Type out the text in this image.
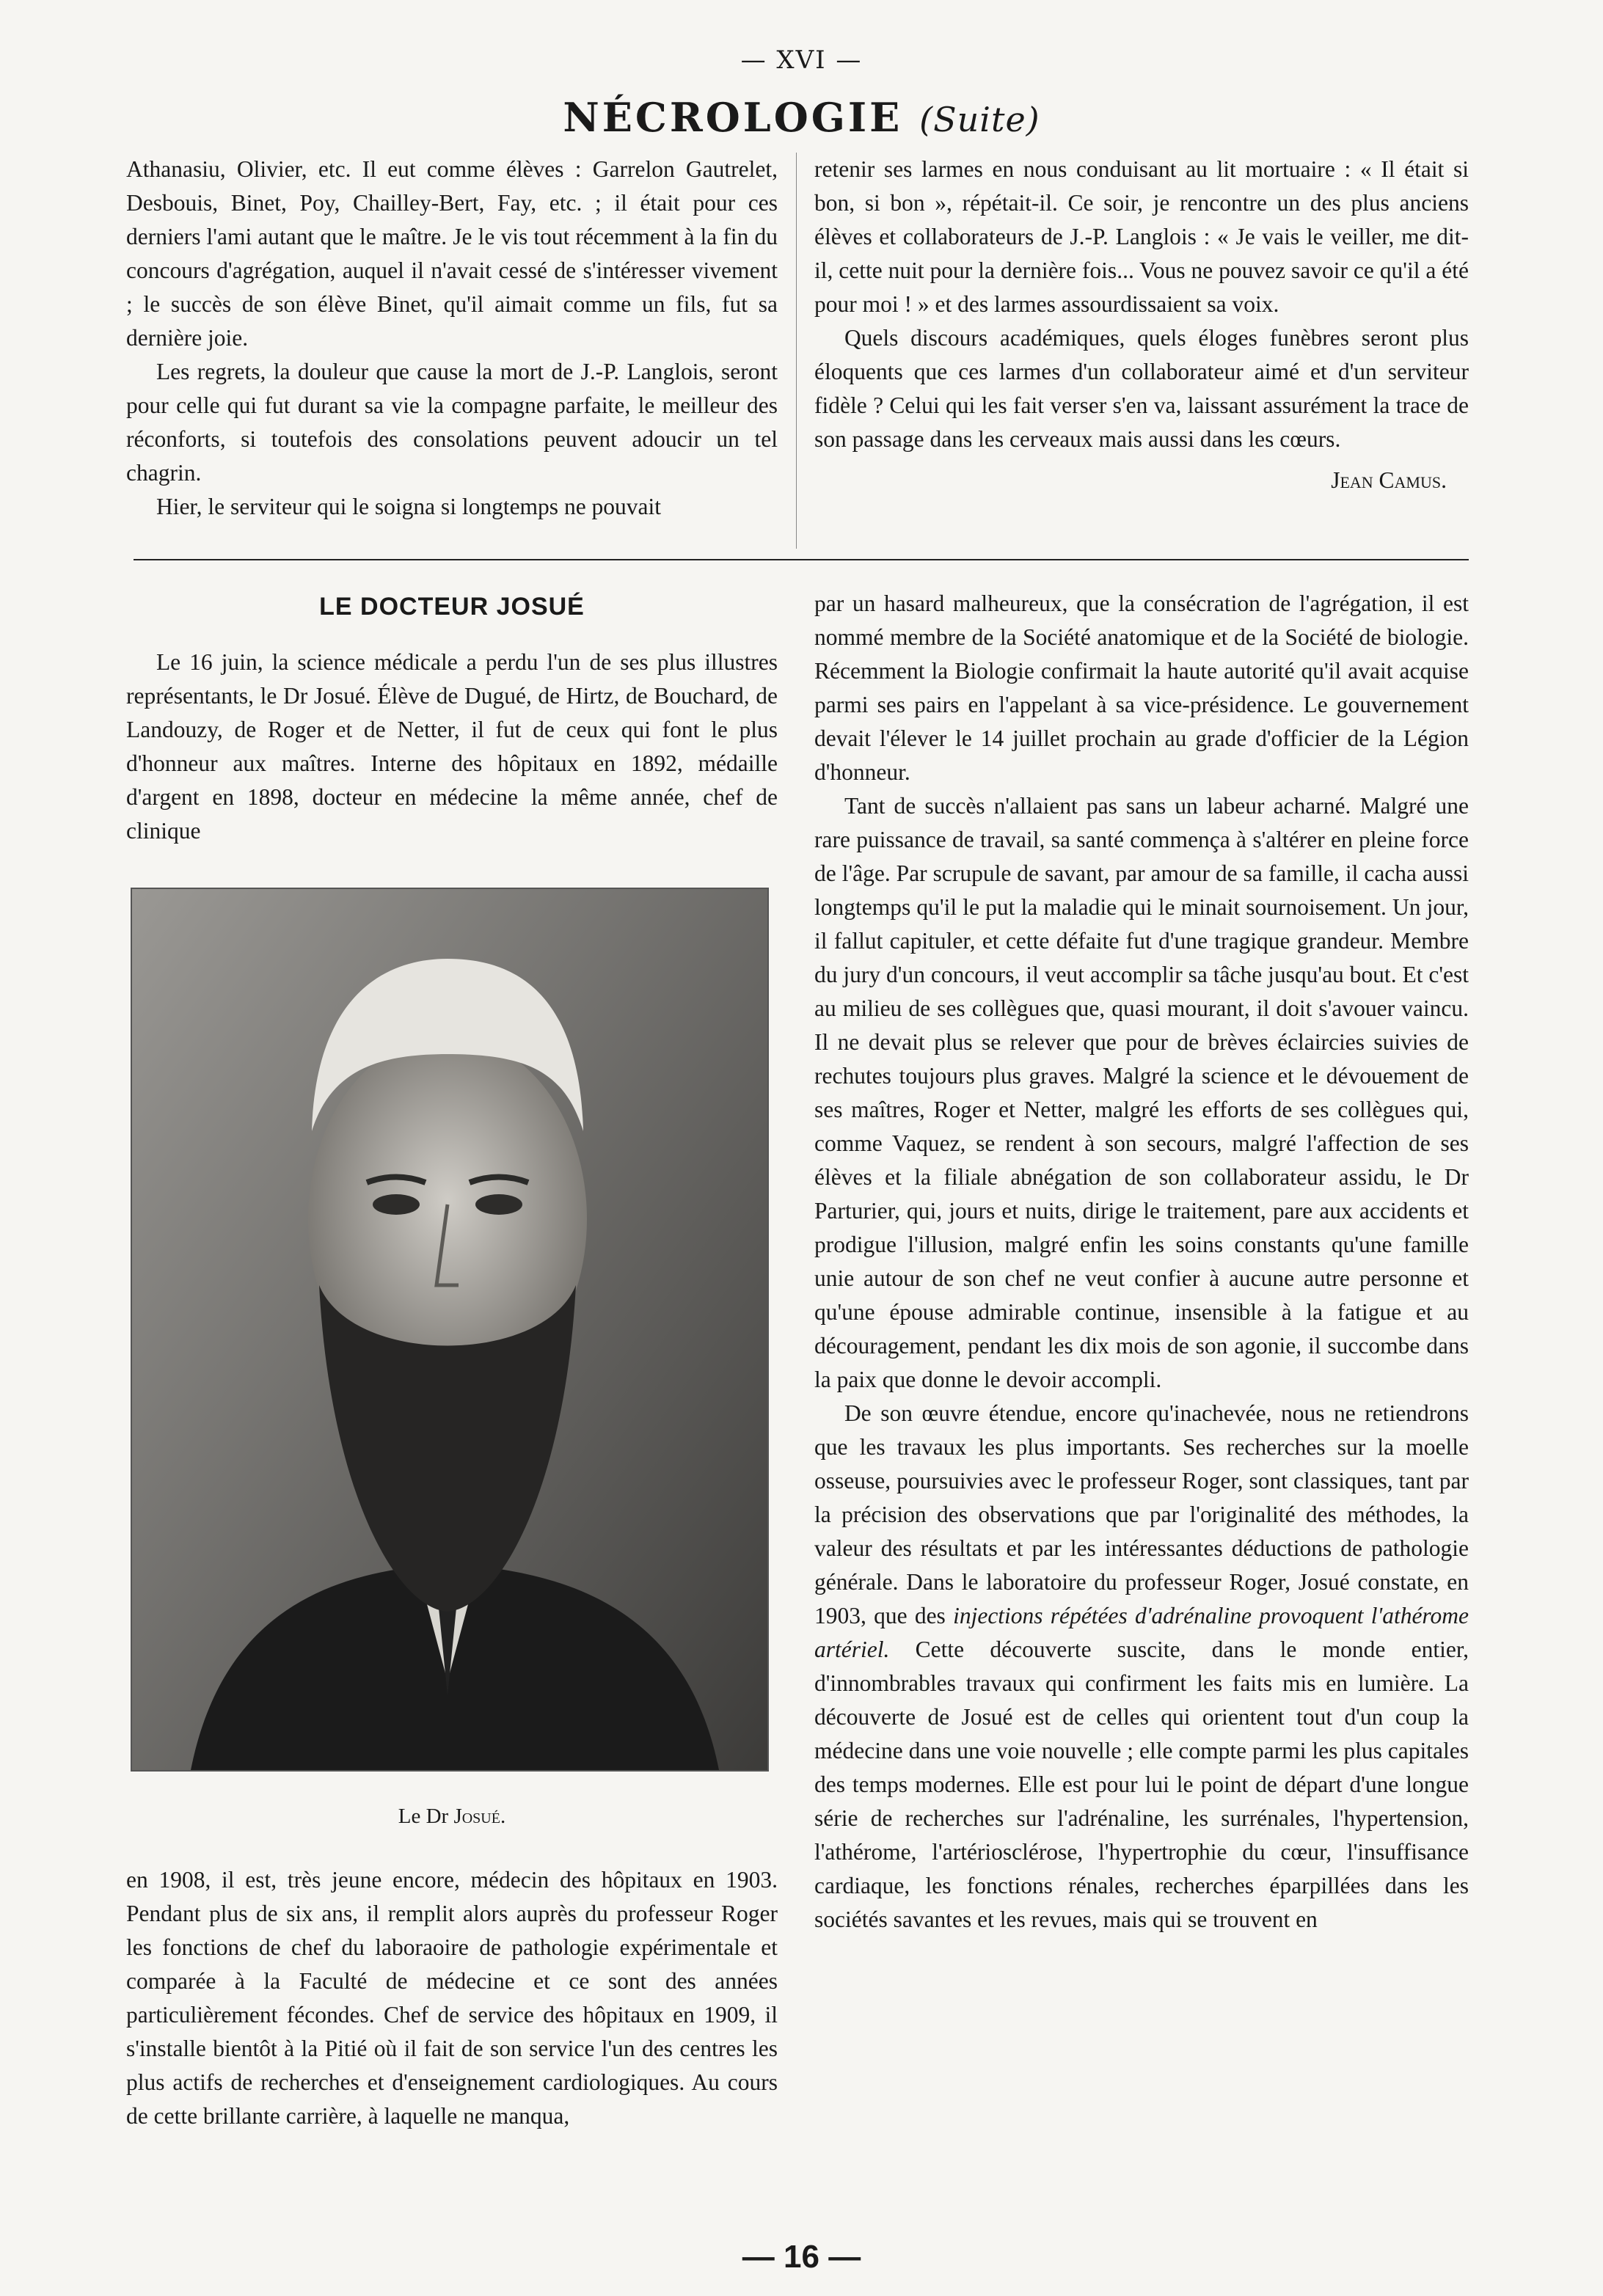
— XVI —
NÉCROLOGIE (Suite)

Athanasiu, Olivier, etc. Il eut comme élèves : Garrelon Gautrelet, Desbouis, Binet, Poy, Chailley-Bert, Fay, etc. ; il était pour ces derniers l'ami autant que le maître. Je le vis tout récemment à la fin du concours d'agrégation, auquel il n'avait cessé de s'intéresser vivement ; le succès de son élève Binet, qu'il aimait comme un fils, fut sa dernière joie.

Les regrets, la douleur que cause la mort de J.-P. Langlois, seront pour celle qui fut durant sa vie la compagne parfaite, le meilleur des réconforts, si toutefois des consolations peuvent adoucir un tel chagrin.

Hier, le serviteur qui le soigna si longtemps ne pouvait

retenir ses larmes en nous conduisant au lit mortuaire : « Il était si bon, si bon », répétait-il. Ce soir, je rencontre un des plus anciens élèves et collaborateurs de J.-P. Langlois : « Je vais le veiller, me dit-il, cette nuit pour la dernière fois... Vous ne pouvez savoir ce qu'il a été pour moi ! » et des larmes assourdissaient sa voix.

Quels discours académiques, quels éloges funèbres seront plus éloquents que ces larmes d'un collaborateur aimé et d'un serviteur fidèle ? Celui qui les fait verser s'en va, laissant assurément la trace de son passage dans les cerveaux mais aussi dans les cœurs.

Jean Camus.

LE DOCTEUR JOSUÉ

Le 16 juin, la science médicale a perdu l'un de ses plus illustres représentants, le Dr Josué. Élève de Dugué, de Hirtz, de Bouchard, de Landouzy, de Roger et de Netter, il fut de ceux qui font le plus d'honneur aux maîtres. Interne des hôpitaux en 1892, médaille d'argent en 1898, docteur en médecine la même année, chef de clinique

Le Dr Josué.

en 1908, il est, très jeune encore, médecin des hôpitaux en 1903. Pendant plus de six ans, il remplit alors auprès du professeur Roger les fonctions de chef du laboraoire de pathologie expérimentale et comparée à la Faculté de médecine et ce sont des années particulièrement fécondes. Chef de service des hôpitaux en 1909, il s'installe bientôt à la Pitié où il fait de son service l'un des centres les plus actifs de recherches et d'enseignement cardiologiques. Au cours de cette brillante carrière, à laquelle ne manqua,

par un hasard malheureux, que la consécration de l'agrégation, il est nommé membre de la Société anatomique et de la Société de biologie. Récemment la Biologie confirmait la haute autorité qu'il avait acquise parmi ses pairs en l'appelant à sa vice-présidence. Le gouvernement devait l'élever le 14 juillet prochain au grade d'officier de la Légion d'honneur.

Tant de succès n'allaient pas sans un labeur acharné. Malgré une rare puissance de travail, sa santé commença à s'altérer en pleine force de l'âge. Par scrupule de savant, par amour de sa famille, il cacha aussi longtemps qu'il le put la maladie qui le minait sournoisement. Un jour, il fallut capituler, et cette défaite fut d'une tragique grandeur. Membre du jury d'un concours, il veut accomplir sa tâche jusqu'au bout. Et c'est au milieu de ses collègues que, quasi mourant, il doit s'avouer vaincu. Il ne devait plus se relever que pour de brèves éclaircies suivies de rechutes toujours plus graves. Malgré la science et le dévouement de ses maîtres, Roger et Netter, malgré les efforts de ses collègues qui, comme Vaquez, se rendent à son secours, malgré l'affection de ses élèves et la filiale abnégation de son collaborateur assidu, le Dr Parturier, qui, jours et nuits, dirige le traitement, pare aux accidents et prodigue l'illusion, malgré enfin les soins constants qu'une famille unie autour de son chef ne veut confier à aucune autre personne et qu'une épouse admirable continue, insensible à la fatigue et au découragement, pendant les dix mois de son agonie, il succombe dans la paix que donne le devoir accompli.

De son œuvre étendue, encore qu'inachevée, nous ne retiendrons que les travaux les plus importants. Ses recherches sur la moelle osseuse, poursuivies avec le professeur Roger, sont classiques, tant par la précision des observations que par l'originalité des méthodes, la valeur des résultats et par les intéressantes déductions de pathologie générale. Dans le laboratoire du professeur Roger, Josué constate, en 1903, que des injections répétées d'adrénaline provoquent l'athérome artériel. Cette découverte suscite, dans le monde entier, d'innombrables travaux qui confirment les faits mis en lumière. La découverte de Josué est de celles qui orientent tout d'un coup la médecine dans une voie nouvelle ; elle compte parmi les plus capitales des temps modernes. Elle est pour lui le point de départ d'une longue série de recherches sur l'adrénaline, les surrénales, l'hypertension, l'athérome, l'artériosclérose, l'hypertrophie du cœur, l'insuffisance cardiaque, les fonctions rénales, recherches éparpillées dans les sociétés savantes et les revues, mais qui se trouvent en

— 16 —
